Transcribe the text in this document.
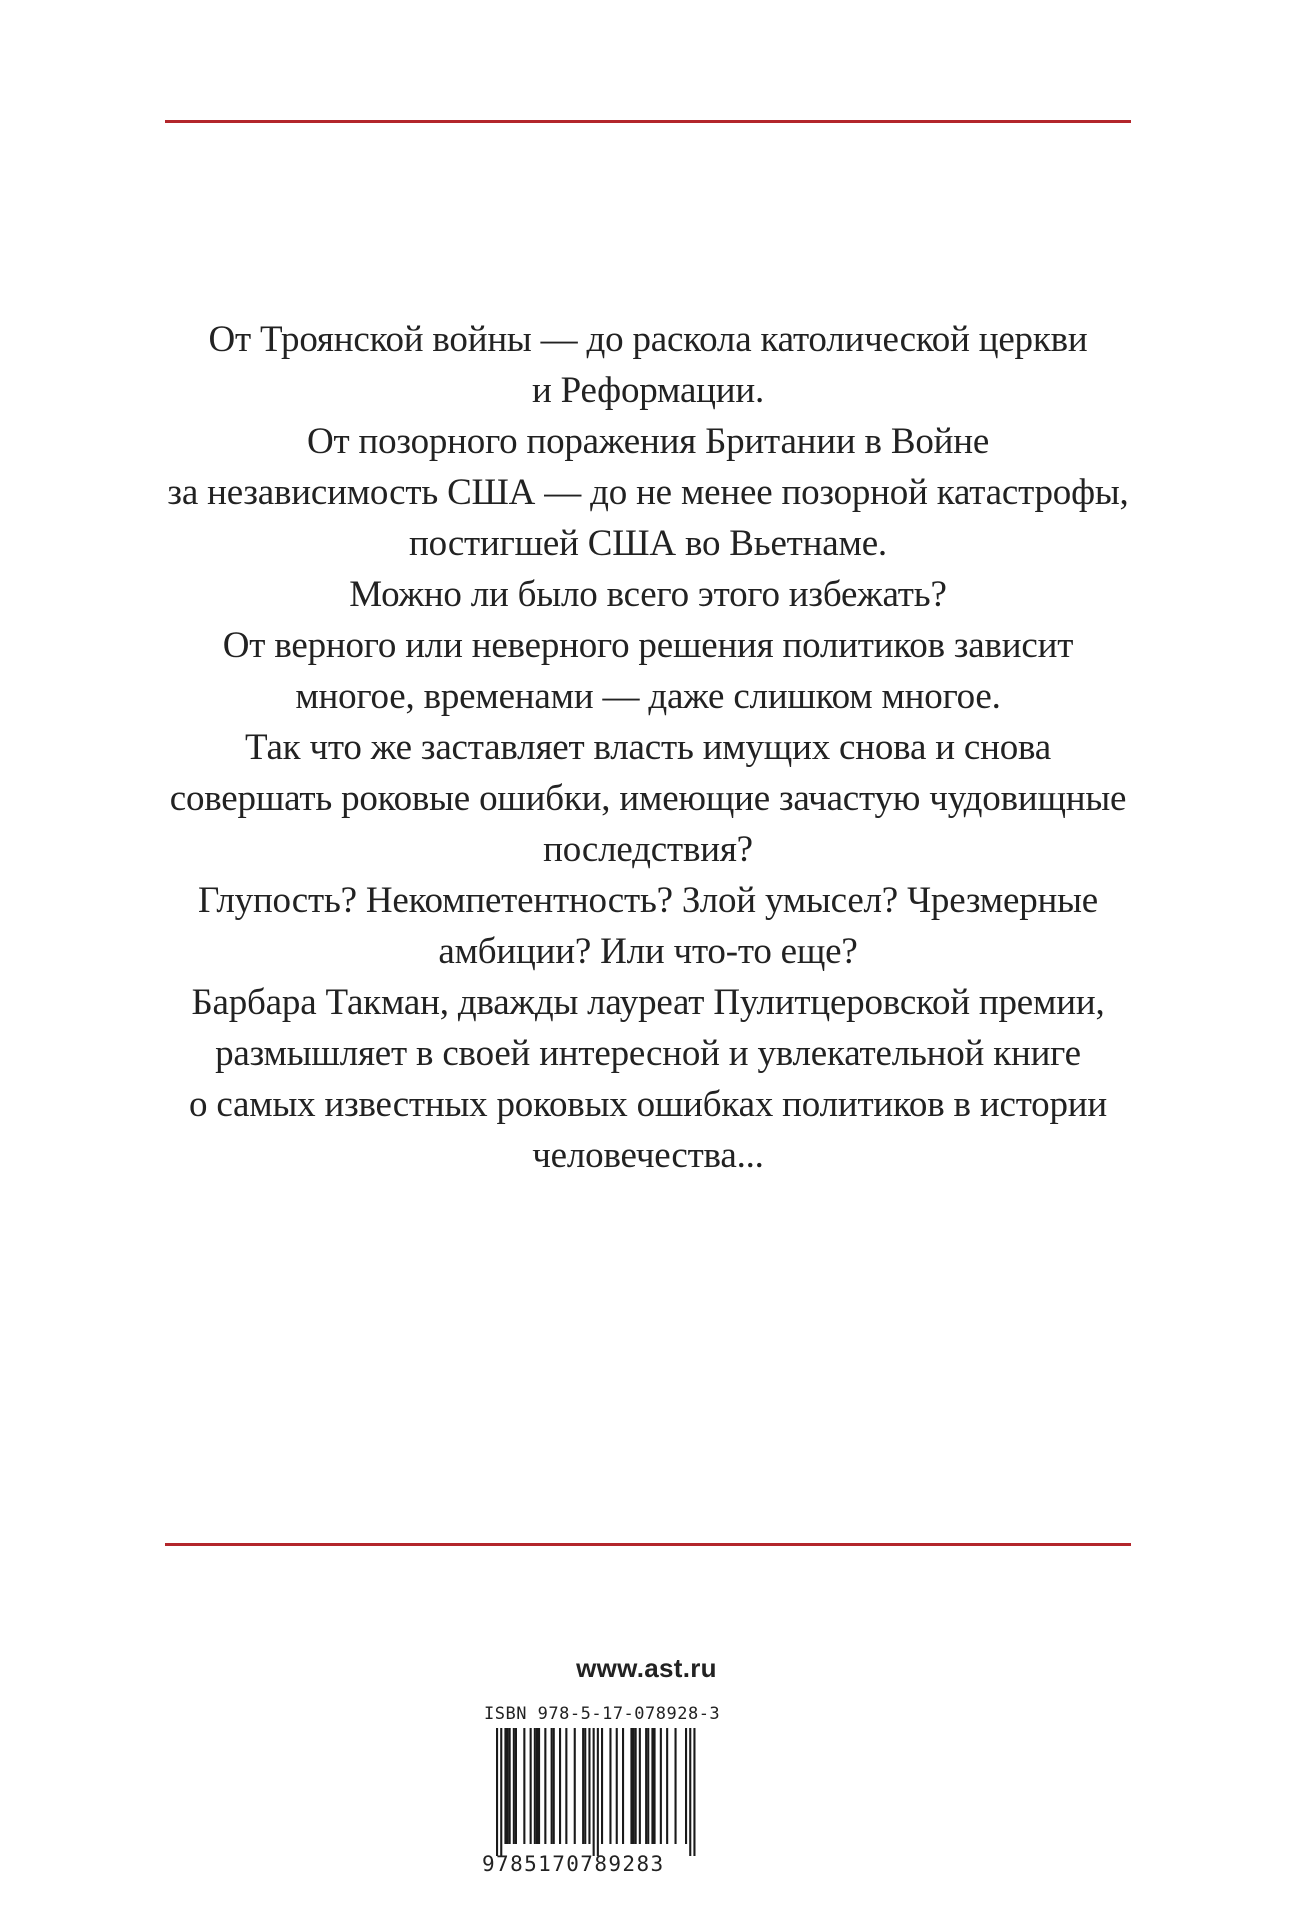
От Троянской войны — до раскола католической церкви
и Реформации.
От позорного поражения Британии в Войне
за независимость США — до не менее позорной катастрофы,
постигшей США во Вьетнаме.
Можно ли было всего этого избежать?
От верного или неверного решения политиков зависит
многое, временами — даже слишком многое.
Так что же заставляет власть имущих снова и снова
совершать роковые ошибки, имеющие зачастую чудовищные
последствия?
Глупость? Некомпетентность? Злой умысел? Чрезмерные
амбиции? Или что-то еще?
Барбара Такман, дважды лауреат Пулитцеровской премии,
размышляет в своей интересной и увлекательной книге
о самых известных роковых ошибках политиков в истории
человечества...
www.ast.ru
ISBN 978-5-17-078928-3
9785170789283
